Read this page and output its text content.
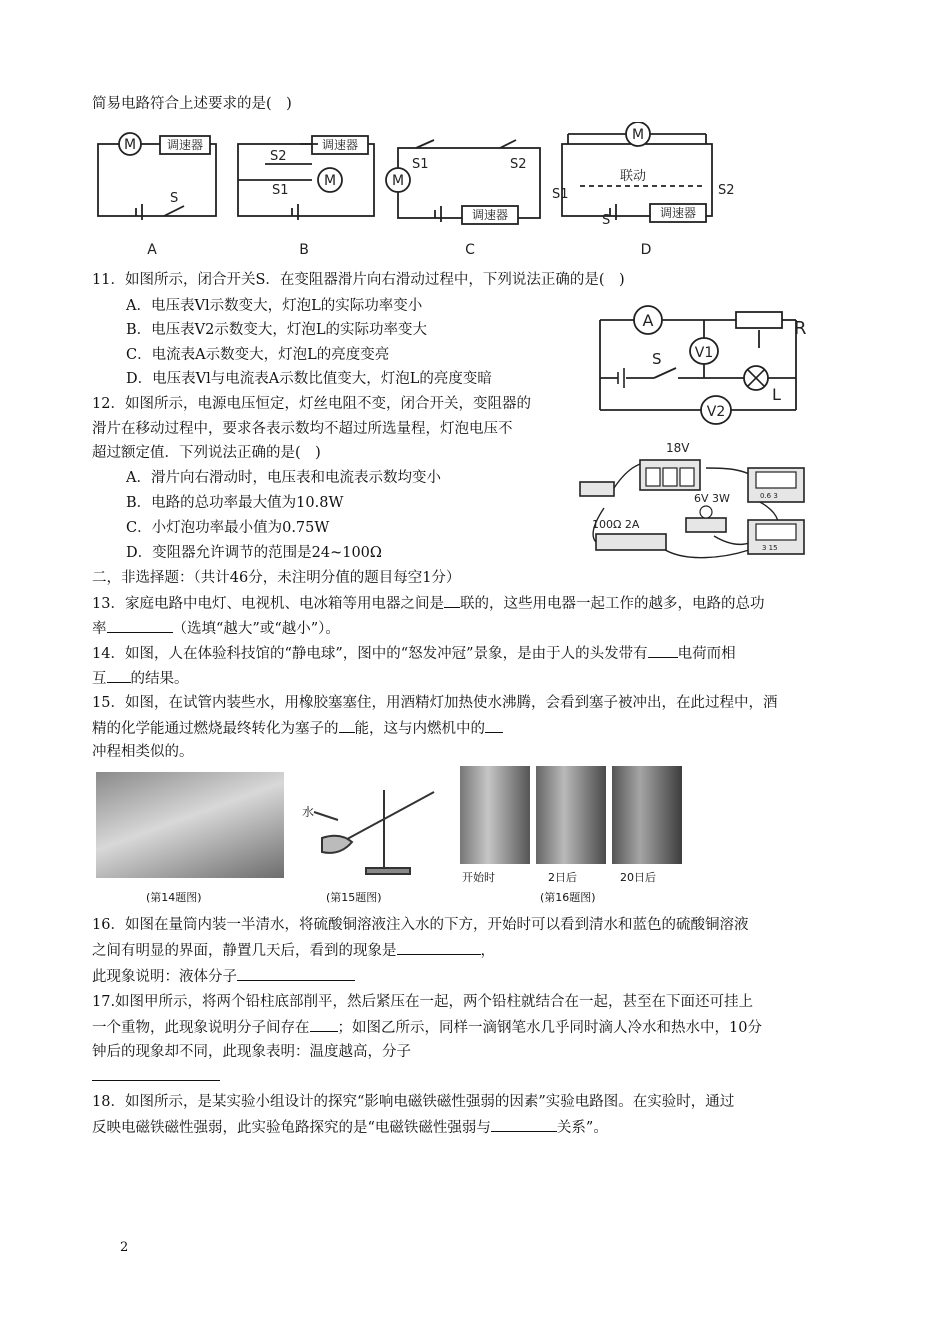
简易电路符合上述要求的是(　)
M	调速器
S
调速器
M
S2
S1
M
S1	S2
调速器
M
联动
S1	S2
S	调速器
A	B	C	D
11．如图所示，闭合开关S．在变阻器滑片向右滑动过程中，下列说法正确的是(　)
A．电压表Vl示数变大，灯泡L的实际功率变小
B．电压表V2示数变大，灯泡L的实际功率变大
C．电流表A示数变大，灯泡L的亮度变亮
D．电压表Vl与电流表A示数比值变大，灯泡L的亮度变暗
A
V1
V2
R
L
S
12．如图所示，电源电压恒定，灯丝电阻不变，闭合开关，变阻器的
滑片在移动过程中，要求各表示数均不超过所选量程，灯泡电压不
超过额定值．下列说法正确的是(　)
A．滑片向右滑动时，电压表和电流表示数均变小
B．电路的总功率最大值为10.8W
C．小灯泡功率最小值为0.75W
D．变阻器允许调节的范围是24~100Ω
18V
6V 3W
100Ω 2A
0.6 3
3 15
二，非选择题：（共计46分，未注明分值的题目每空1分）
13．家庭电路中电灯、电视机、电冰箱等用电器之间是 联的，这些用电器一起工作的越多，电路的总功
率	（选填“越大”或“越小”）。
14．如图，人在体验科技馆的“静电球”，图中的“怒发冲冠”景象，是由于人的头发带有 电荷而相
互 的结果。
15．如图，在试管内装些水，用橡胶塞塞住，用酒精灯加热使水沸腾，会看到塞子被冲出，在此过程中，酒
精的化学能通过燃烧最终转化为塞子的 能，这与内燃机中的
冲程相类似的。
水
开始时	2日后	20日后
(第14题图)	(第15题图)	(第16题图)
16．如图在量筒内装一半清水，将硫酸铜溶液注入水的下方，开始时可以看到清水和蓝色的硫酸铜溶液
之间有明显的界面，静置几天后，看到的现象是	，
此现象说明：液体分子
17.如图甲所示，将两个铅柱底部削平，然后紧压在一起，两个铅柱就结合在一起，甚至在下面还可挂上
一个重物，此现象说明分子间存在 ；如图乙所示，同样一滴钢笔水几乎同时滴人冷水和热水中，10分
钟后的现象却不同，此现象表明：温度越高，分子
18．如图所示，是某实验小组设计的探究“影响电磁铁磁性强弱的因素”实验电路图。在实验时，通过
反映电磁铁磁性强弱，此实验龟路探究的是“电磁铁磁性强弱与	关系”。
2
